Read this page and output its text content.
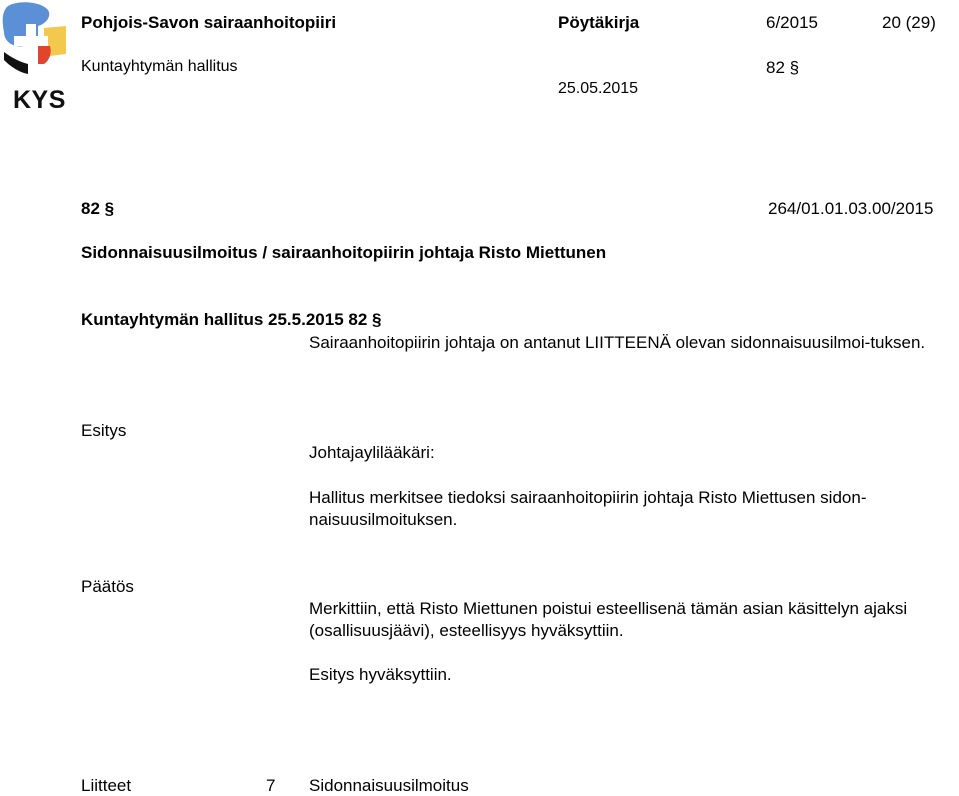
KYS
Pohjois-Savon sairaanhoitopiiri	Pöytäkirja	6/2015	20 (29)
Kuntayhtymän hallitus	82 §
25.05.2015
82 §	264/01.01.03.00/2015
Sidonnaisuusilmoitus / sairaanhoitopiirin johtaja Risto Miettunen
Kuntayhtymän hallitus 25.5.2015 82 §
Sairaanhoitopiirin johtaja on antanut LIITTEENÄ olevan sidonnaisuusilmoi-tuksen.
Esitys
Johtajaylilääkäri:
Hallitus merkitsee tiedoksi sairaanhoitopiirin johtaja Risto Miettusen sidon-naisuusilmoituksen.
Päätös
Merkittiin, että Risto Miettunen poistui esteellisenä tämän asian käsittelyn ajaksi (osallisuusjäävi), esteellisyys hyväksyttiin.
Esitys hyväksyttiin.
Liitteet	7 Sidonnaisuusilmoitus
